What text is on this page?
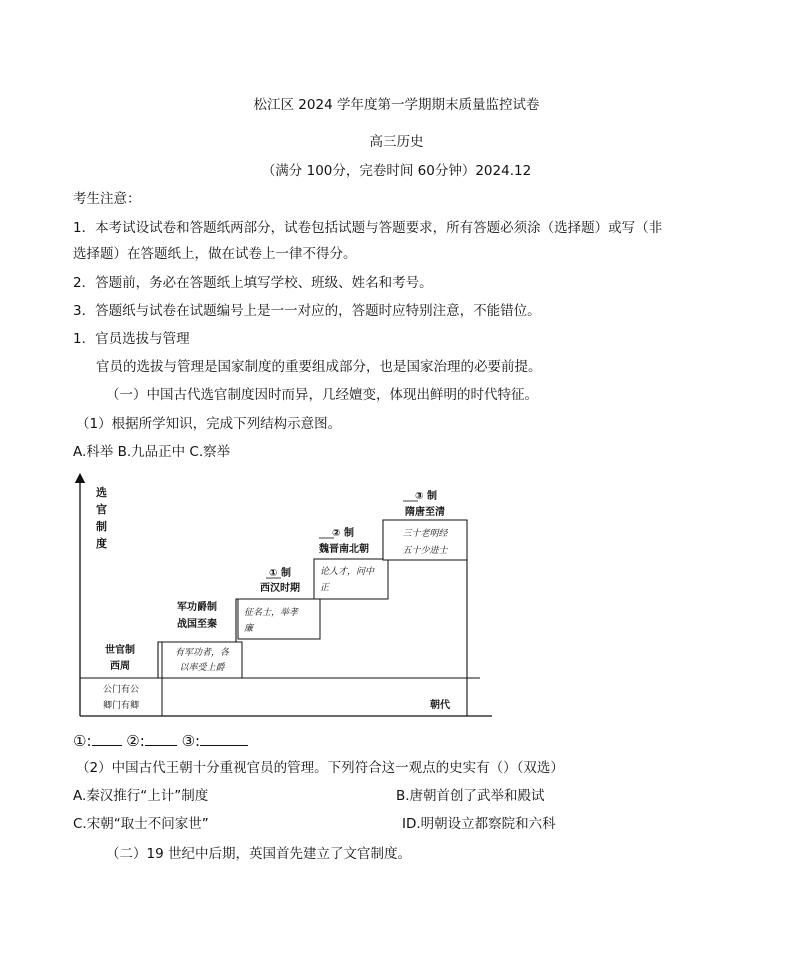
松江区 2024 学年度第一学期期末质量监控试卷
高三历史
（满分 100分，完卷时间 60分钟）2024.12
考生注意：
1．本考试设试卷和答题纸两部分，试卷包括试题与答题要求，所有答题必须涂（选择题）或写（非
选择题）在答题纸上，做在试卷上一律不得分。
2．答题前，务必在答题纸上填写学校、班级、姓名和考号。
3．答题纸与试卷在试题编号上是一一对应的，答题时应特别注意，不能错位。
1．官员选拔与管理
官员的选拔与管理是国家制度的重要组成部分，也是国家治理的必要前提。
（一）中国古代选官制度因时而异，几经嬗变，体现出鲜明的时代特征。
（1）根据所学知识，完成下列结构示意图。
A.科举 B.九品正中 C.察举
选
官
制
度
公门有公
卿门有卿
世官制
西周
军功爵制
战国至秦
有军功者，各
以率受上爵
① 制
西汉时期
征名士，举孝
廉
② 制
魏晋南北朝
论人才，问中
正
③ 制
隋唐至清
三十老明经
五十少进士
朝代
①: ②: ③:
（2）中国古代王朝十分重视官员的管理。下列符合这一观点的史实有（）（双选）
A.秦汉推行“上计”制度	B.唐朝首创了武举和殿试
C.宋朝“取士不问家世”	ID.明朝设立都察院和六科
（二）19 世纪中后期，英国首先建立了文官制度。
